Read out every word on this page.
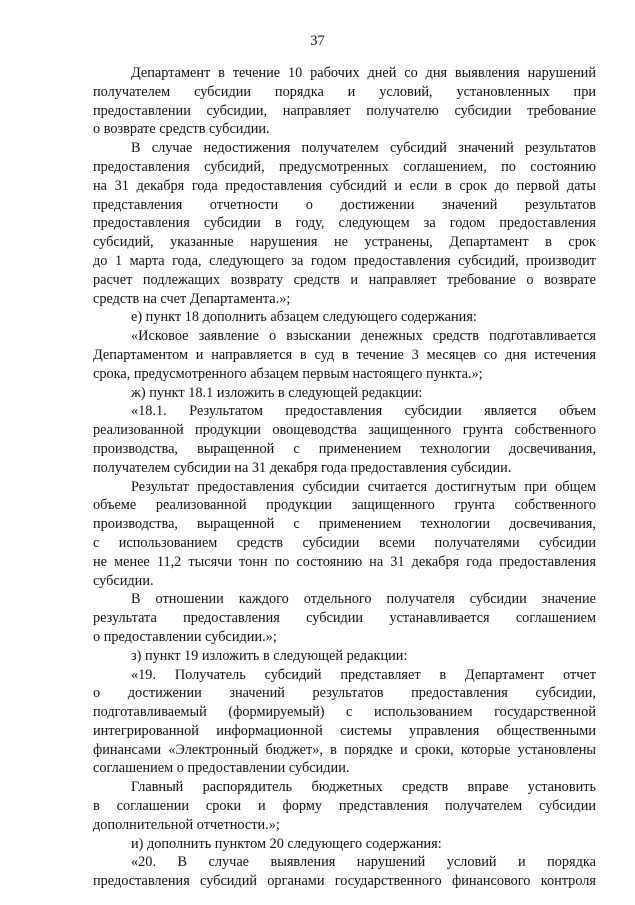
37
Департамент в течение 10 рабочих дней со дня выявления нарушений
получателем субсидии порядка и условий, установленных при
предоставлении субсидии, направляет получателю субсидии требование
о возврате средств субсидии.
В случае недостижения получателем субсидий значений результатов
предоставления субсидий, предусмотренных соглашением, по состоянию
на 31 декабря года предоставления субсидий и если в срок до первой даты
представления отчетности о достижении значений результатов
предоставления субсидии в году, следующем за годом предоставления
субсидий, указанные нарушения не устранены, Департамент в срок
до 1 марта года, следующего за годом предоставления субсидий, производит
расчет подлежащих возврату средств и направляет требование о возврате
средств на счет Департамента.»;
е) пункт 18 дополнить абзацем следующего содержания:
«Исковое заявление о взыскании денежных средств подготавливается
Департаментом и направляется в суд в течение 3 месяцев со дня истечения
срока, предусмотренного абзацем первым настоящего пункта.»;
ж) пункт 18.1 изложить в следующей редакции:
«18.1. Результатом предоставления субсидии является объем
реализованной продукции овощеводства защищенного грунта собственного
производства, выращенной с применением технологии досвечивания,
получателем субсидии на 31 декабря года предоставления субсидии.
Результат предоставления субсидии считается достигнутым при общем
объеме реализованной продукции защищенного грунта собственного
производства, выращенной с применением технологии досвечивания,
с использованием средств субсидии всеми получателями субсидии
не менее 11,2 тысячи тонн по состоянию на 31 декабря года предоставления
субсидии.
В отношении каждого отдельного получателя субсидии значение
результата предоставления субсидии устанавливается соглашением
о предоставлении субсидии.»;
з) пункт 19 изложить в следующей редакции:
«19. Получатель субсидий представляет в Департамент отчет
о достижении значений результатов предоставления субсидии,
подготавливаемый (формируемый) с использованием государственной
интегрированной информационной системы управления общественными
финансами «Электронный бюджет», в порядке и сроки, которые установлены
соглашением о предоставлении субсидии.
Главный распорядитель бюджетных средств вправе установить
в соглашении сроки и форму представления получателем субсидии
дополнительной отчетности.»;
и) дополнить пунктом 20 следующего содержания:
«20. В случае выявления нарушений условий и порядка
предоставления субсидий органами государственного финансового контроля
